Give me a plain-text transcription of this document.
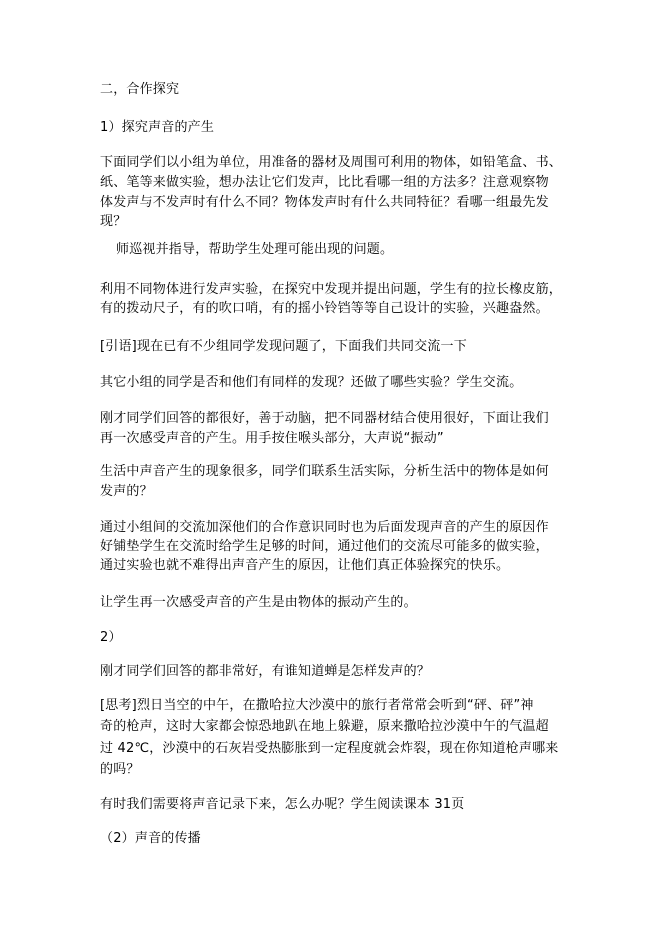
二，合作探究
1）探究声音的产生
下面同学们以小组为单位，用准备的器材及周围可利用的物体，如铅笔盒、书、
纸、笔等来做实验，想办法让它们发声，比比看哪一组的方法多？注意观察物
体发声与不发声时有什么不同？物体发声时有什么共同特征？看哪一组最先发
现？
师巡视并指导，帮助学生处理可能出现的问题。
利用不同物体进行发声实验，在探究中发现并提出问题，学生有的拉长橡皮筋，
有的拨动尺子，有的吹口哨，有的摇小铃铛等等自己设计的实验，兴趣盎然。
[引语]现在已有不少组同学发现问题了，下面我们共同交流一下
其它小组的同学是否和他们有同样的发现？还做了哪些实验？学生交流。
刚才同学们回答的都很好，善于动脑，把不同器材结合使用很好，下面让我们
再一次感受声音的产生。用手按住喉头部分，大声说“振动”
生活中声音产生的现象很多，同学们联系生活实际，分析生活中的物体是如何
发声的？
通过小组间的交流加深他们的合作意识同时也为后面发现声音的产生的原因作
好铺垫学生在交流时给学生足够的时间，通过他们的交流尽可能多的做实验，
通过实验也就不难得出声音产生的原因，让他们真正体验探究的快乐。
让学生再一次感受声音的产生是由物体的振动产生的。
2）
刚才同学们回答的都非常好，有谁知道蝉是怎样发声的？
[思考]烈日当空的中午，在撒哈拉大沙漠中的旅行者常常会听到“砰、砰”神
奇的枪声，这时大家都会惊恐地趴在地上躲避，原来撒哈拉沙漠中午的气温超
过 42℃，沙漠中的石灰岩受热膨胀到一定程度就会炸裂，现在你知道枪声哪来
的吗？
有时我们需要将声音记录下来，怎么办呢？学生阅读课本 31页
（2）声音的传播
